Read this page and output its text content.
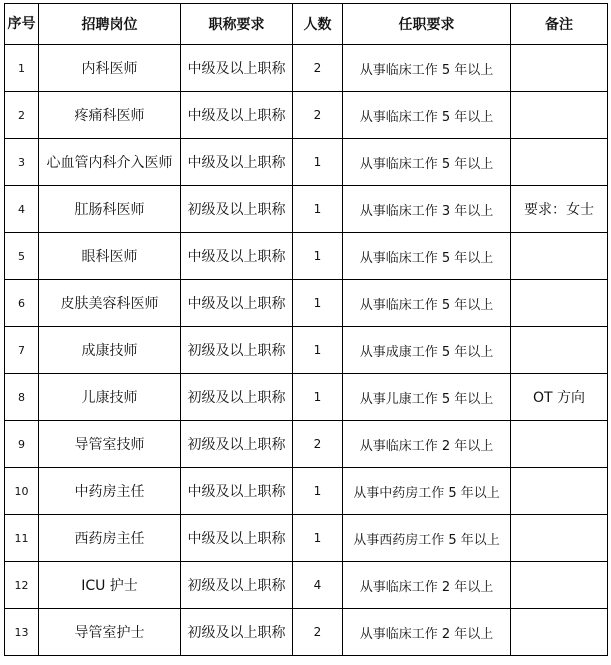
序号	招聘岗位	职称要求	人数	任职要求	备注
1	内科医师	中级及以上职称	2	从事临床工作 5 年以上	
2	疼痛科医师	中级及以上职称	2	从事临床工作 5 年以上	
3	心血管内科介入医师	中级及以上职称	1	从事临床工作 5 年以上	
4	肛肠科医师	初级及以上职称	1	从事临床工作 3 年以上	要求：女士
5	眼科医师	中级及以上职称	1	从事临床工作 5 年以上	
6	皮肤美容科医师	中级及以上职称	1	从事临床工作 5 年以上	
7	成康技师	初级及以上职称	1	从事成康工作 5 年以上	
8	儿康技师	初级及以上职称	1	从事儿康工作 5 年以上	OT 方向
9	导管室技师	初级及以上职称	2	从事临床工作 2 年以上	
10	中药房主任	中级及以上职称	1	从事中药房工作 5 年以上	
11	西药房主任	中级及以上职称	1	从事西药房工作 5 年以上	
12	ICU 护士	初级及以上职称	4	从事临床工作 2 年以上	
13	导管室护士	初级及以上职称	2	从事临床工作 2 年以上	
